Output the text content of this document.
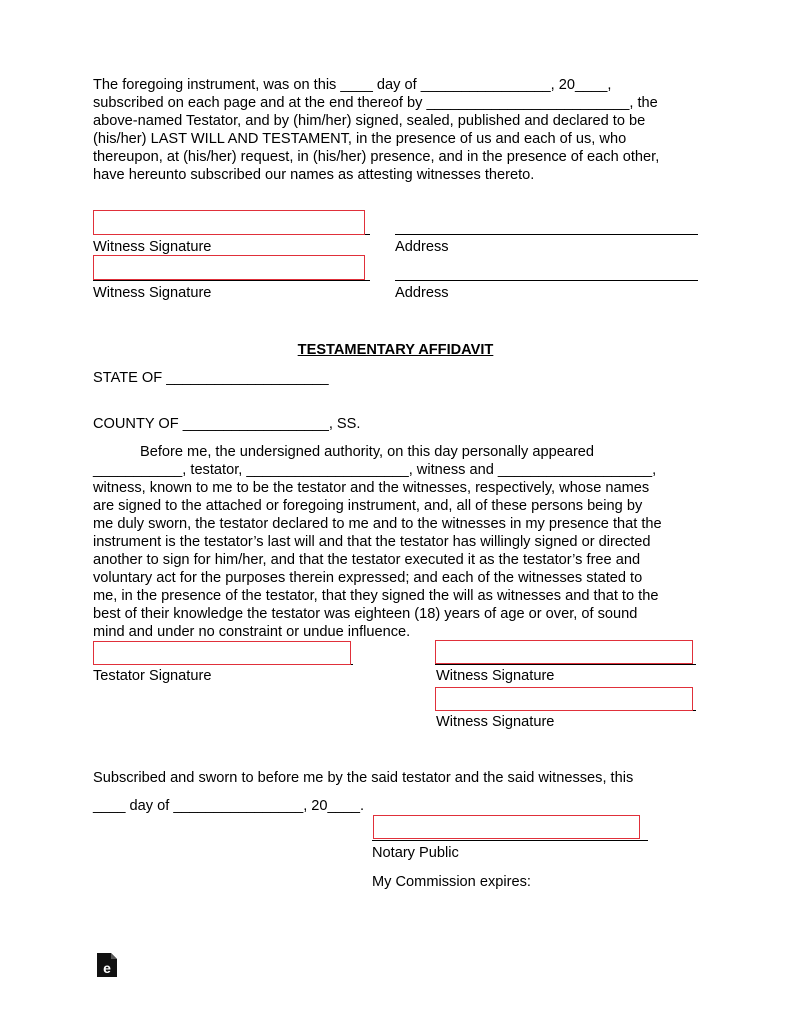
The foregoing instrument, was on this ____ day of ________________, 20____,
subscribed on each page and at the end thereof by _________________________, the
above-named Testator, and by (him/her) signed, sealed, published and declared to be
(his/her) LAST WILL AND TESTAMENT, in the presence of us and each of us, who
thereupon, at (his/her) request, in (his/her) presence, and in the presence of each other,
have hereunto subscribed our names as attesting witnesses thereto.
Witness Signature	Address
Witness Signature	Address
TESTAMENTARY AFFIDAVIT
STATE OF ____________________
COUNTY OF __________________, SS.
Before me, the undersigned authority, on this day personally appeared
___________, testator, ____________________, witness and ___________________,
witness, known to me to be the testator and the witnesses, respectively, whose names
are signed to the attached or foregoing instrument, and, all of these persons being by
me duly sworn, the testator declared to me and to the witnesses in my presence that the
instrument is the testator’s last will and that the testator has willingly signed or directed
another to sign for him/her, and that the testator executed it as the testator’s free and
voluntary act for the purposes therein expressed; and each of the witnesses stated to
me, in the presence of the testator, that they signed the will as witnesses and that to the
best of their knowledge the testator was eighteen (18) years of age or over, of sound
mind and under no constraint or undue influence.
Testator Signature	Witness Signature
Witness Signature
Subscribed and sworn to before me by the said testator and the said witnesses, this
____ day of ________________, 20____.
Notary Public
My Commission expires:
e
